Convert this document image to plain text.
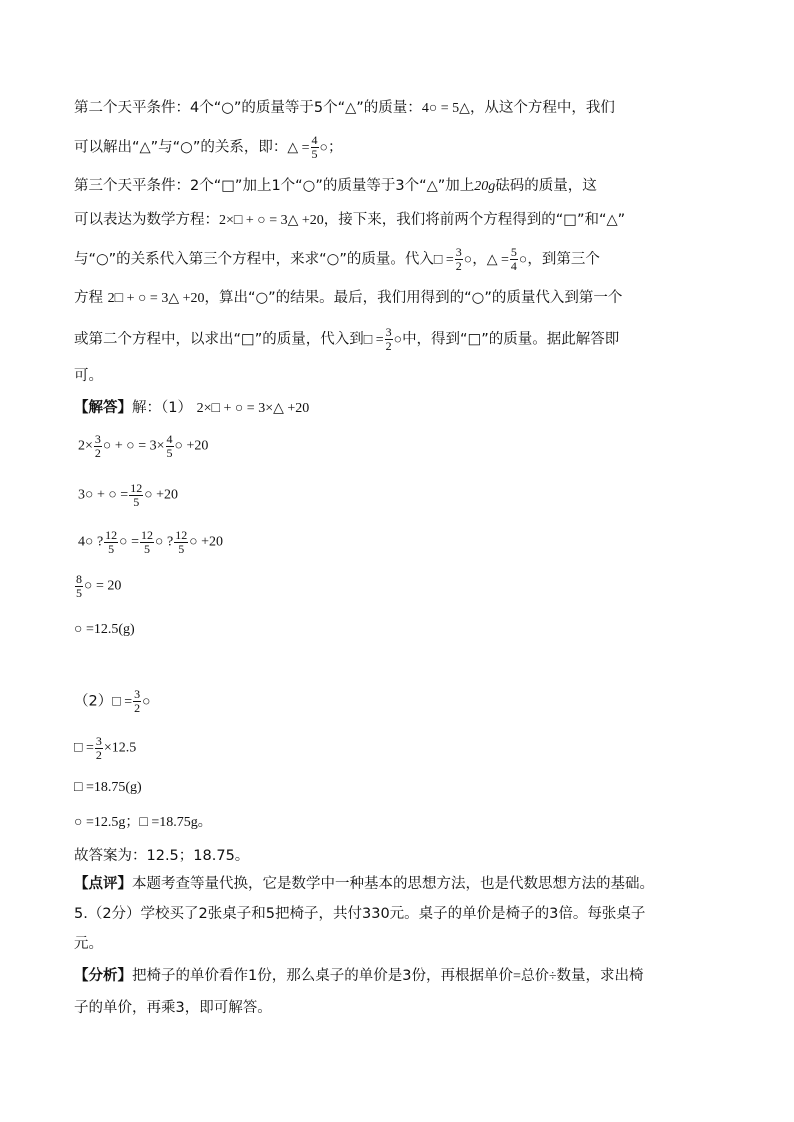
第二个天平条件：4个“○”的质量等于5个“△”的质量：4○ = 5△，从这个方程中，我们
可以解出“△”与“○”的关系，即：△ = $\frac{4}{5}$ ○；
第三个天平条件：2个“□”加上1个“○”的质量等于3个“△”加上20g砝码的质量，这
可以表达为数学方程：2×□ + ○ = 3△ +20，接下来，我们将前两个方程得到的“□”和“△”
与“○”的关系代入第三个方程中，来求“○”的质量。代入□ = $\frac{3}{2}$ ○，△ = $\frac{5}{4}$ ○，到第三个
方程 2□ + ○ = 3△ +20，算出“○”的结果。最后，我们用得到的“○”的质量代入到第一个
或第二个方程中，以求出“□”的质量，代入到□ = $\frac{3}{2}$ ○中，得到“□”的质量。据此解答即
可。
【解答】解：（1） 2×□ + ○ = 3×△ +20
$2\times \frac{3}{2}$ ○ + ○ = $3\times \frac{4}{5}$ ○ +20
3○ + ○ = $\frac{12}{5}$ ○ +20
4○ ? $\frac{12}{5}$ ○ = $\frac{12}{5}$ ○ ? $\frac{12}{5}$ ○ +20
$\frac{8}{5}$ ○ = 20
○ =12.5(g)
（2）□ = $\frac{3}{2}$ ○
□ = $\frac{3}{2} \times 12.5$
□ =18.75(g)
○ =12.5g；□ =18.75g。
故答案为：12.5；18.75。
【点评】本题考查等量代换，它是数学中一种基本的思想方法，也是代数思想方法的基础。
5.（2分）学校买了2张桌子和5把椅子，共付330元。桌子的单价是椅子的3倍。每张桌子
元。
【分析】把椅子的单价看作1份，那么桌子的单价是3份，再根据单价=总价÷数量，求出椅
子的单价，再乘3，即可解答。
